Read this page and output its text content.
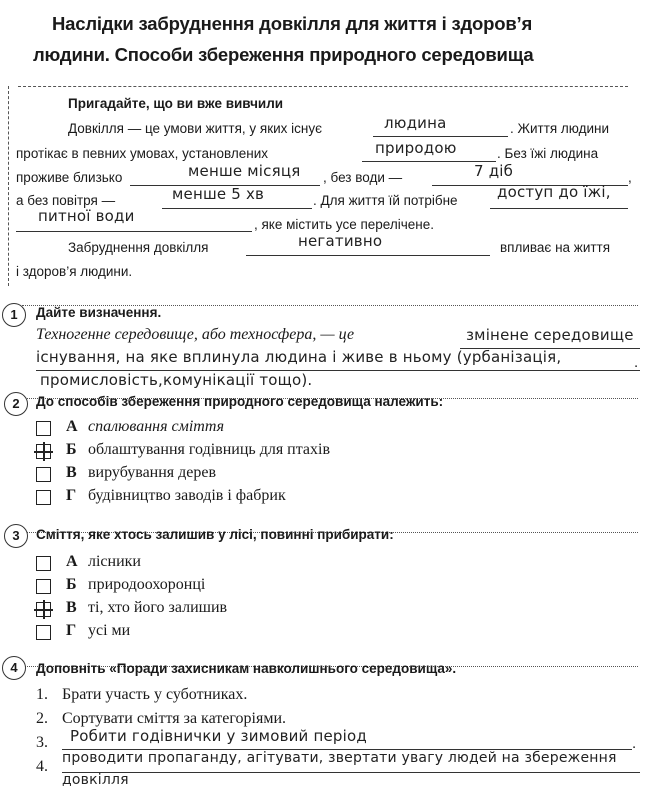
Наслідки забруднення довкілля для життя і здоров’я
людини. Способи збереження природного середовища
Пригадайте, що ви вже вивчили
Довкілля — це умови життя, у яких існує	людина	. Життя людини
протікає в певних умовах, установлених	природою	. Без їжі людина
проживе близько	менше місяця , без води —	7 діб	,
а без повітря —	менше 5 хв	. Для життя їй потрібне	доступ до їжі,
питної води	, яке містить усе перелічене.
Забруднення довкілля	негативно	впливає на життя
і здоров’я людини.
1	Дайте визначення.
Техногенне середовище, або техносфера, — це	змінене середовище
існування, на яке вплинула людина і живе в ньому (урбанізація,	.
промисловість,комунікації тощо).
2	До способів збереження природного середовища належить:
А спалювання сміття
Б облаштування годівниць для птахів
В вирубування дерев
Г будівництво заводів і фабрик
3	Сміття, яке хтось залишив у лісі, повинні прибирати:
А лісники
Б природоохоронці
В ті, хто його залишив
Г усі ми
4	Доповніть «Поради захисникам навколишнього середовища».
1. Брати участь у суботниках.
2. Сортувати сміття за категоріями.
3. Робити годівнички у зимовий період	.
4. проводити пропаганду, агітувати, звертати увагу людей на збереження
довкілля
